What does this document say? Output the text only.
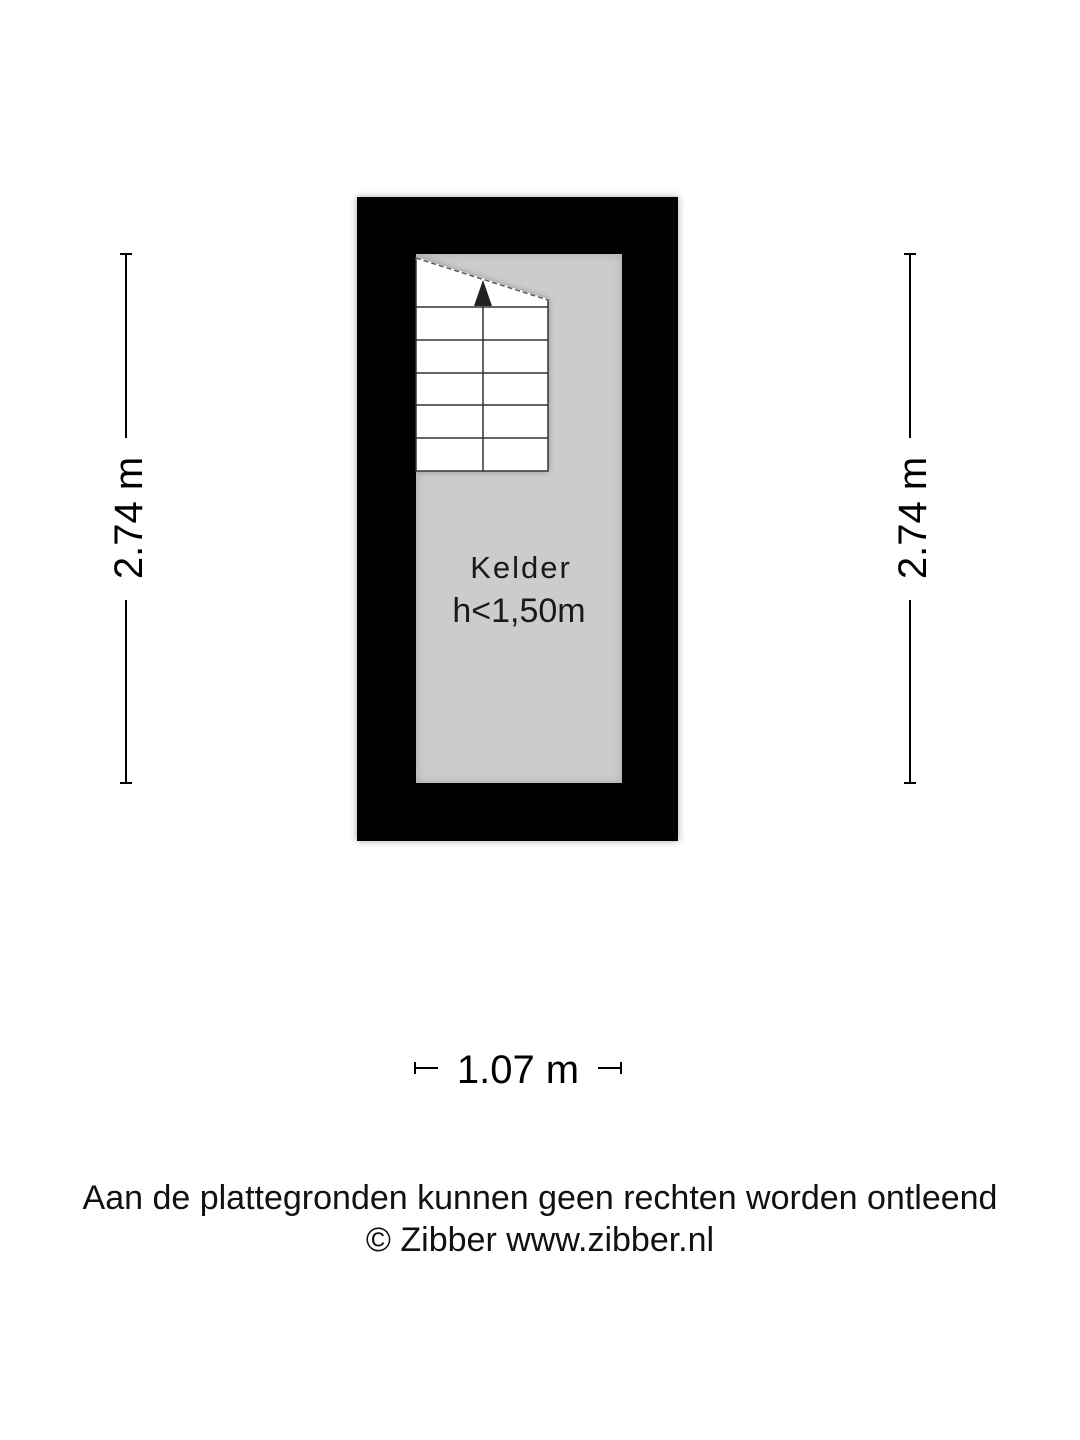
Kelder
h<1,50m
2.74 m	2.74 m
1.07 m
Aan de plattegronden kunnen geen rechten worden ontleend
© Zibber www.zibber.nl
